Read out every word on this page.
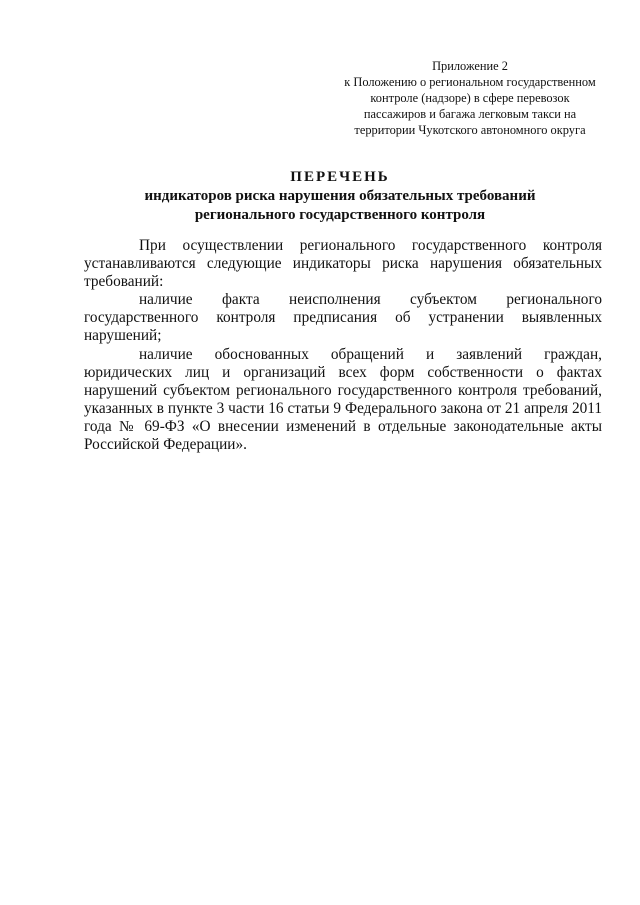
Приложение 2
к Положению о региональном государственном
контроле (надзоре) в сфере перевозок
пассажиров и багажа легковым такси на
территории Чукотского автономного округа
ПЕРЕЧЕНЬ
индикаторов риска нарушения обязательных требований
регионального государственного контроля

При осуществлении регионального государственного контроля устанавливаются следующие индикаторы риска нарушения обязательных требований:

наличие факта неисполнения субъектом регионального государственного контроля предписания об устранении выявленных нарушений;

наличие обоснованных обращений и заявлений граждан, юридических лиц и организаций всех форм собственности о фактах нарушений субъектом регионального государственного контроля требований, указанных в пункте 3 части 16 статьи 9 Федерального закона от 21 апреля 2011 года № 69-ФЗ «О внесении изменений в отдельные законодательные акты Российской Федерации».
